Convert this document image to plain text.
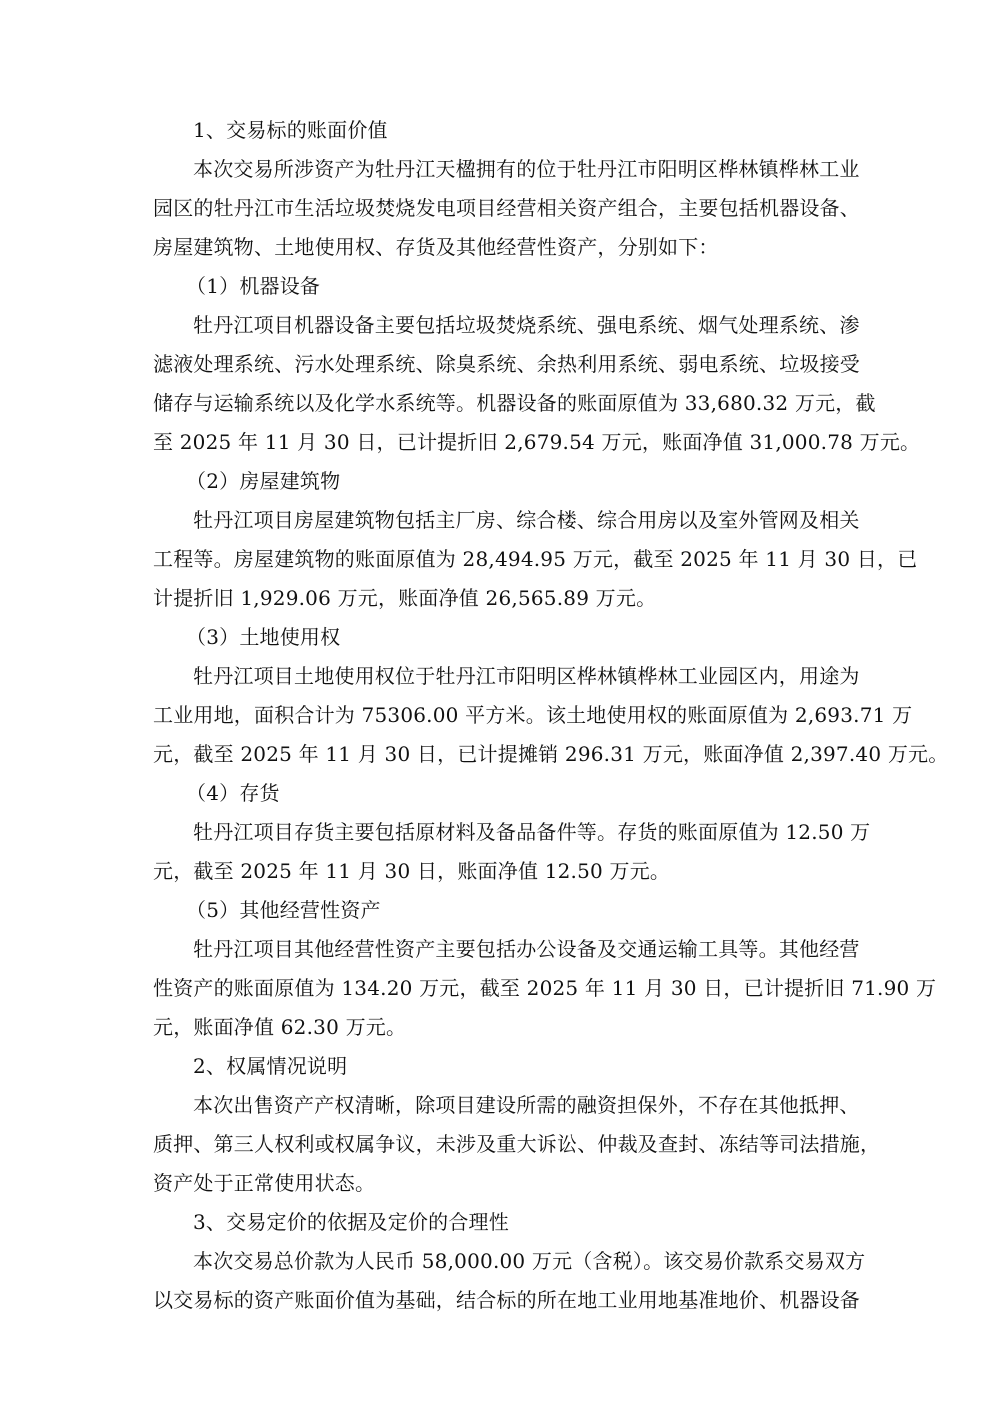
1、交易标的账面价值
本次交易所涉资产为牡丹江天楹拥有的位于牡丹江市阳明区桦林镇桦林工业
园区的牡丹江市生活垃圾焚烧发电项目经营相关资产组合，主要包括机器设备、
房屋建筑物、土地使用权、存货及其他经营性资产，分别如下：
（1）机器设备
牡丹江项目机器设备主要包括垃圾焚烧系统、强电系统、烟气处理系统、渗
滤液处理系统、污水处理系统、除臭系统、余热利用系统、弱电系统、垃圾接受
储存与运输系统以及化学水系统等。机器设备的账面原值为 33,680.32 万元，截
至 2025 年 11 月 30 日，已计提折旧 2,679.54 万元，账面净值 31,000.78 万元。
（2）房屋建筑物
牡丹江项目房屋建筑物包括主厂房、综合楼、综合用房以及室外管网及相关
工程等。房屋建筑物的账面原值为 28,494.95 万元，截至 2025 年 11 月 30 日，已
计提折旧 1,929.06 万元，账面净值 26,565.89 万元。
（3）土地使用权
牡丹江项目土地使用权位于牡丹江市阳明区桦林镇桦林工业园区内，用途为
工业用地，面积合计为 75306.00 平方米。该土地使用权的账面原值为 2,693.71 万
元，截至 2025 年 11 月 30 日，已计提摊销 296.31 万元，账面净值 2,397.40 万元。
（4）存货
牡丹江项目存货主要包括原材料及备品备件等。存货的账面原值为 12.50 万
元，截至 2025 年 11 月 30 日，账面净值 12.50 万元。
（5）其他经营性资产
牡丹江项目其他经营性资产主要包括办公设备及交通运输工具等。其他经营
性资产的账面原值为 134.20 万元，截至 2025 年 11 月 30 日，已计提折旧 71.90 万
元，账面净值 62.30 万元。
2、权属情况说明
本次出售资产产权清晰，除项目建设所需的融资担保外，不存在其他抵押、
质押、第三人权利或权属争议，未涉及重大诉讼、仲裁及查封、冻结等司法措施，
资产处于正常使用状态。
3、交易定价的依据及定价的合理性
本次交易总价款为人民币 58,000.00 万元（含税）。该交易价款系交易双方
以交易标的资产账面价值为基础，结合标的所在地工业用地基准地价、机器设备
